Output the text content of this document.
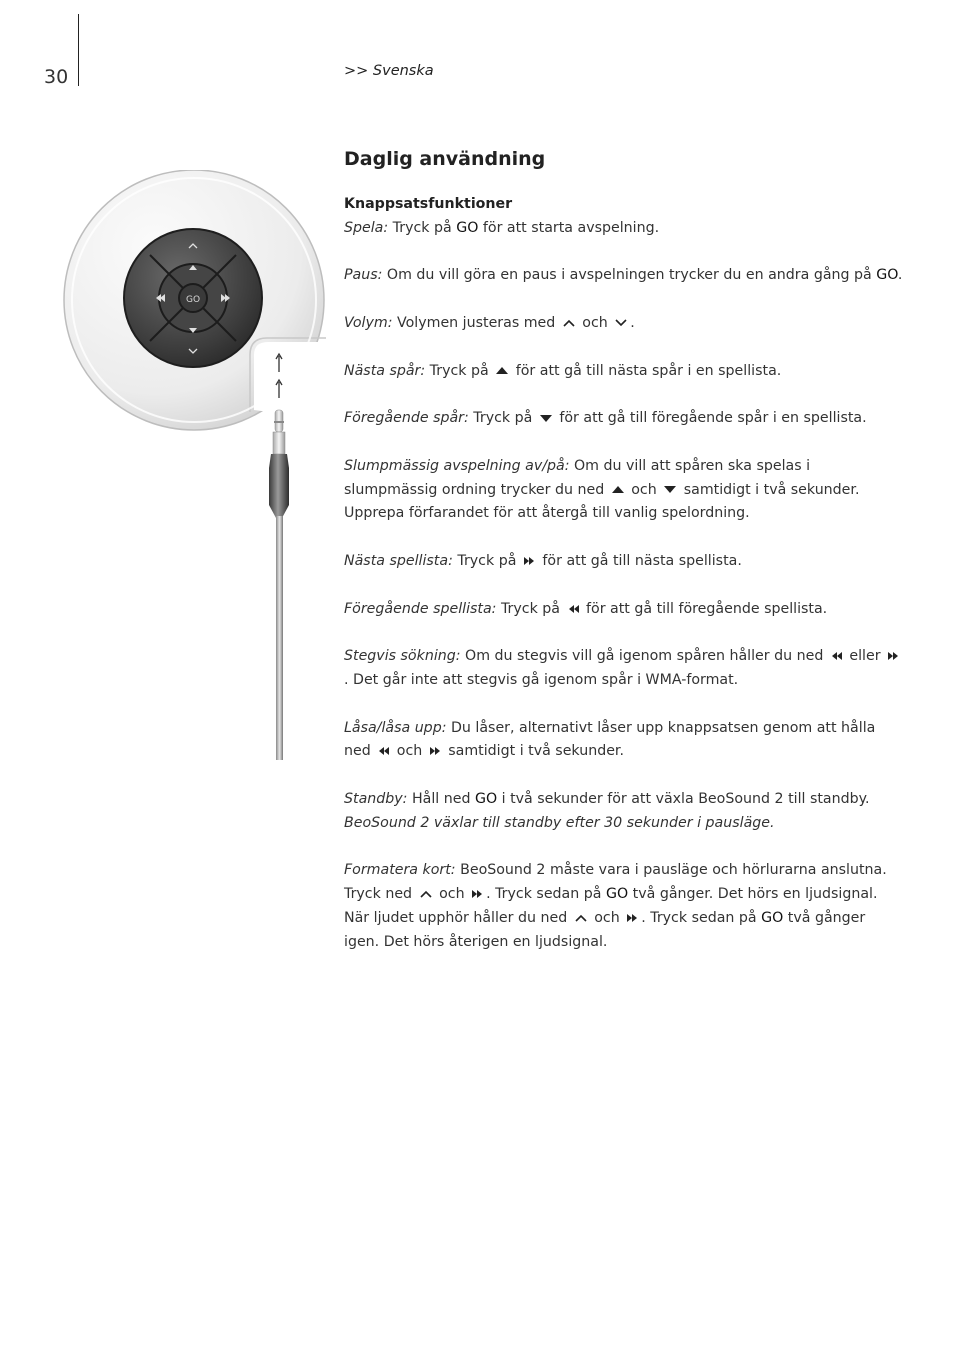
30	>> Svenska
Daglig användning
GO
Knappsatsfunktioner

Spela: Tryck på GO för att starta avspelning.

Paus: Om du vill göra en paus i avspelningen trycker du en andra gång på GO.

Volym: Volymen justeras med
och
.

Nästa spår: Tryck på
för att gå till nästa spår i en spellista.

Föregående spår: Tryck på
för att gå till föregående spår i en spellista.

Slumpmässig avspelning av/på: Om du vill att spåren ska spelas i slumpmässig ordning trycker du ned
och
samtidigt i två sekunder. Upprepa förfarandet för att återgå till vanlig spelordning.

Nästa spellista: Tryck på
för att gå till nästa spellista.

Föregående spellista: Tryck på
för att gå till föregående spellista.

Stegvis sökning: Om du stegvis vill gå igenom spåren håller du ned
eller
. Det går inte att stegvis gå igenom spår i WMA-format.

Låsa/låsa upp: Du låser, alternativt låser upp knappsatsen genom att hålla ned
och
samtidigt i två sekunder.

Standby: Håll ned GO i två sekunder för att växla BeoSound 2 till standby.
BeoSound 2 växlar till standby efter 30 sekunder i pausläge.

Formatera kort: BeoSound 2 måste vara i pausläge och hörlurarna anslutna. Tryck ned
och
. Tryck sedan på GO två gånger. Det hörs en ljudsignal. När ljudet upphör håller du ned
och
. Tryck sedan på GO två gånger igen. Det hörs återigen en ljudsignal.
